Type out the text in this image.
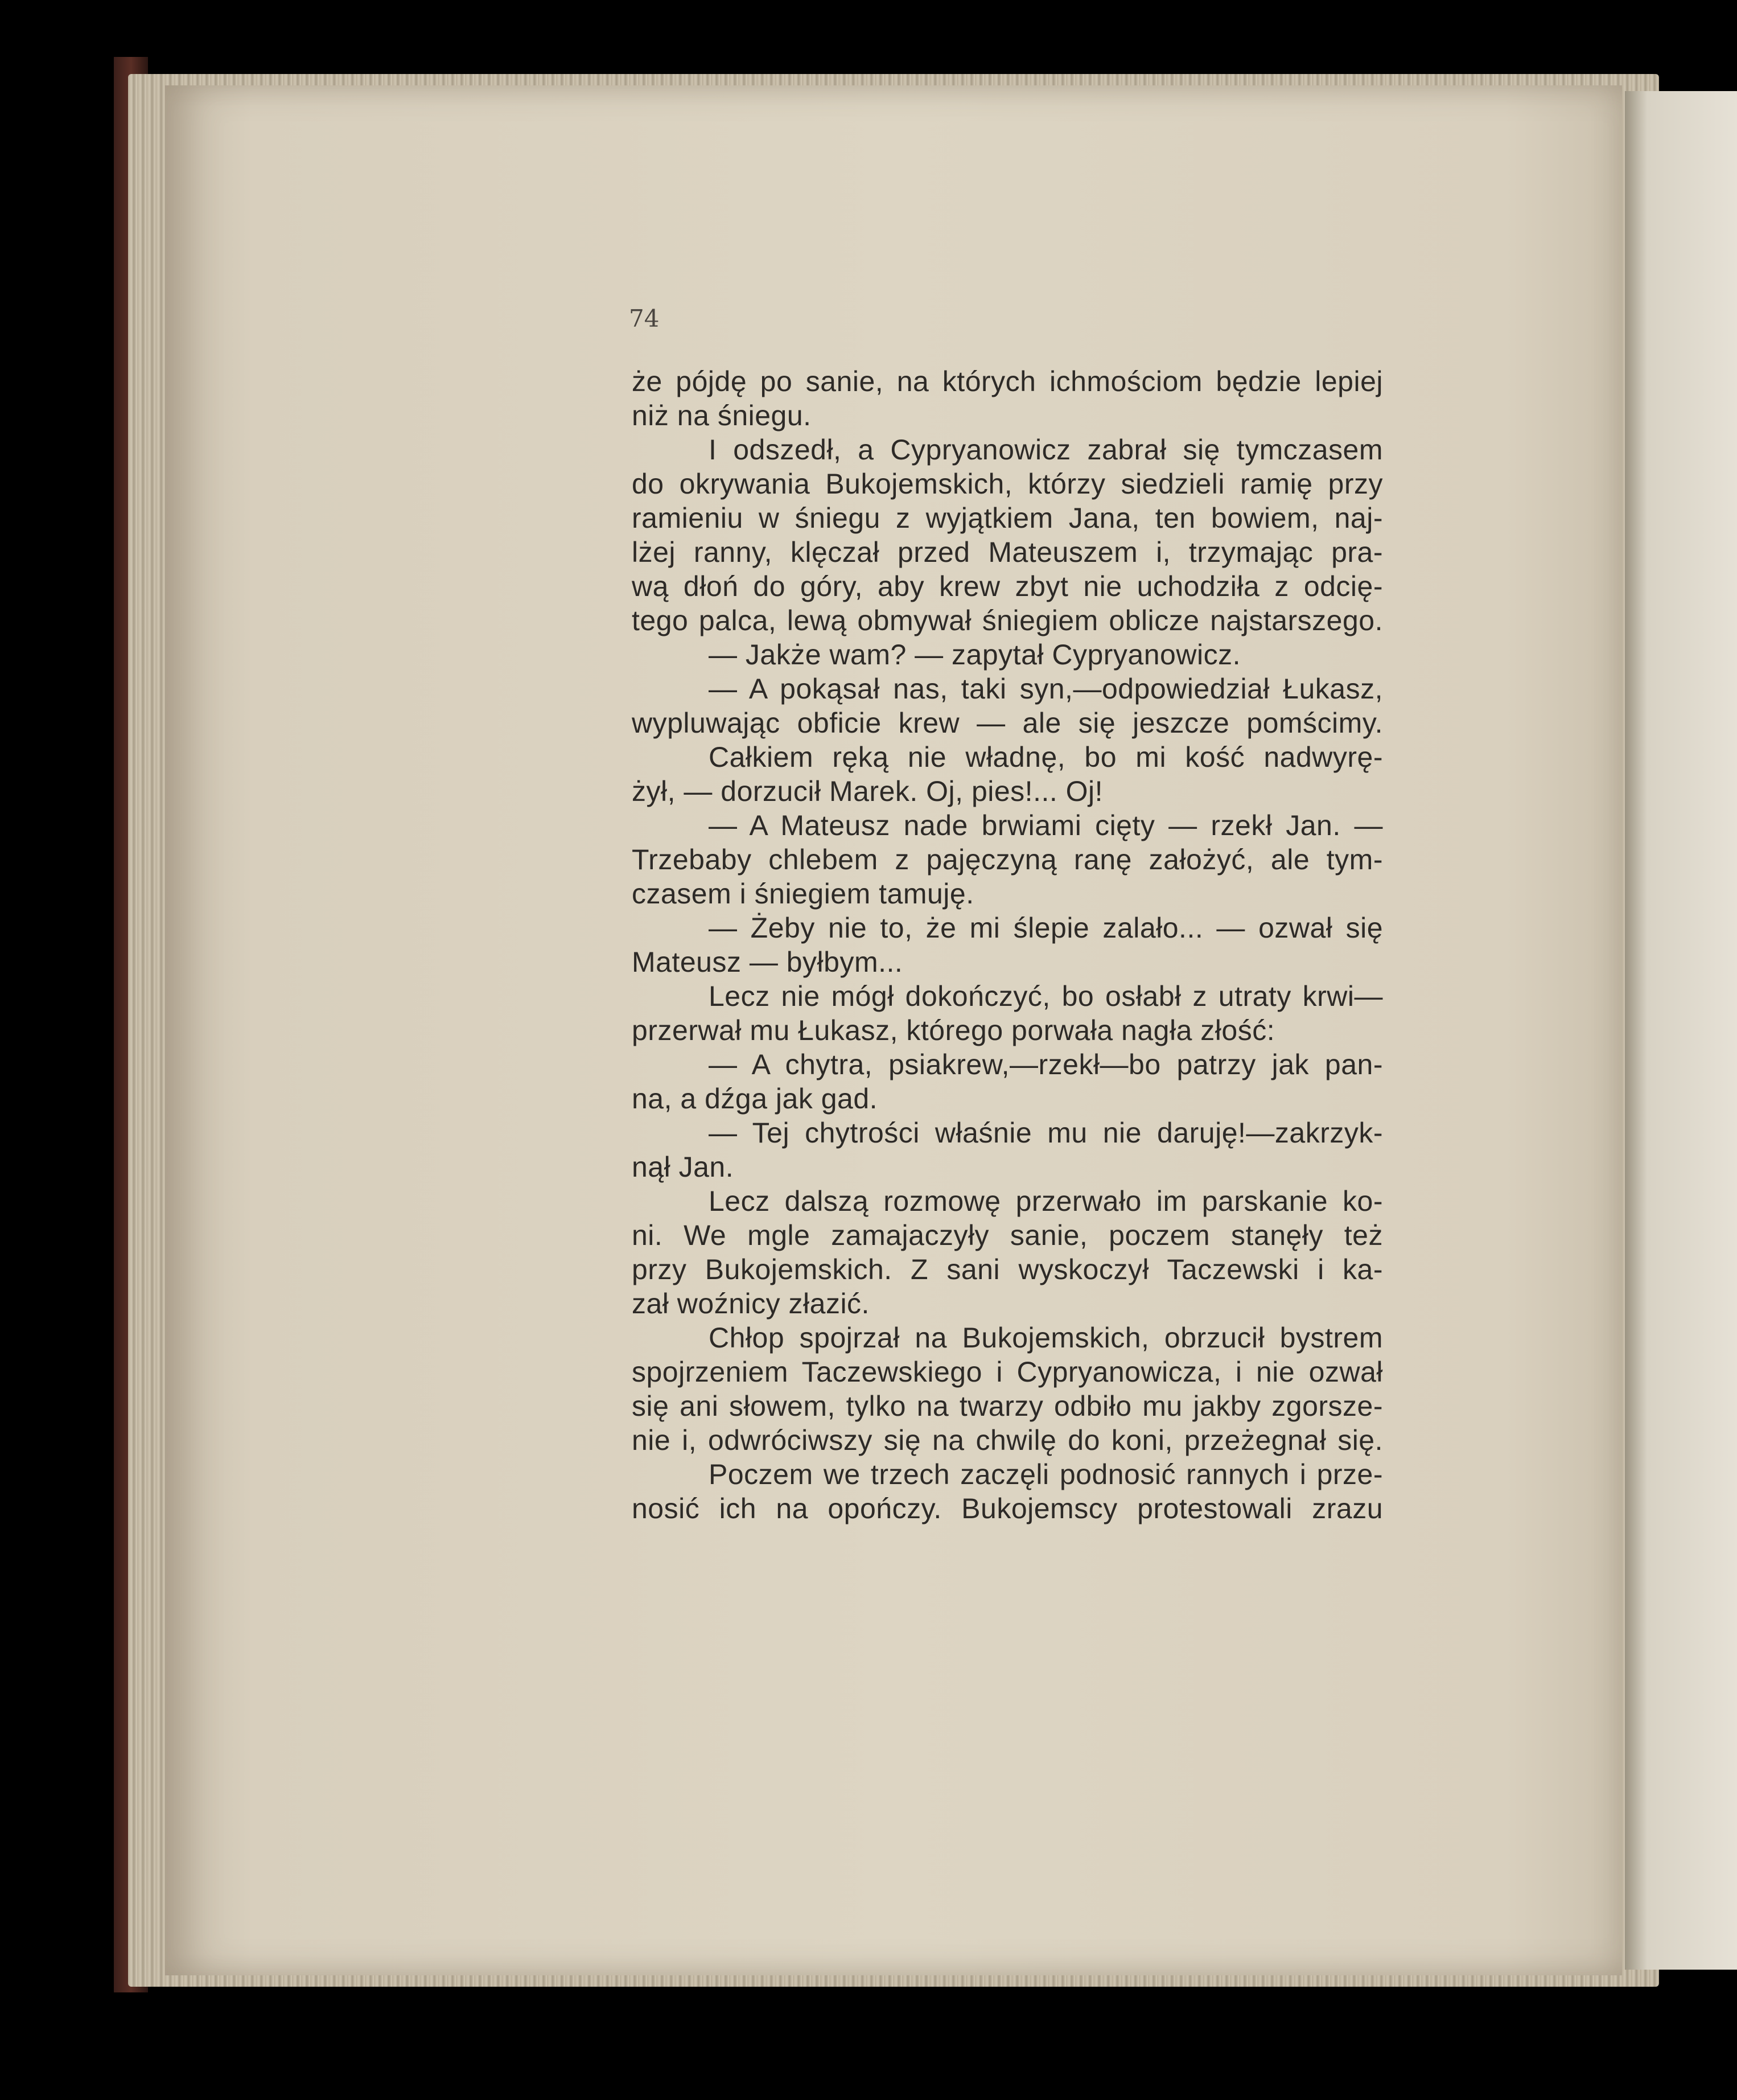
74
że pójdę po sanie, na których ichmościom będzie lepiej
niż na śniegu.
I odszedł, a Cypryanowicz zabrał się tymczasem
do okrywania Bukojemskich, którzy siedzieli ramię przy
ramieniu w śniegu z wyjątkiem Jana, ten bowiem, naj-
lżej ranny, klęczał przed Mateuszem i, trzymając pra-
wą dłoń do góry, aby krew zbyt nie uchodziła z odcię-
tego palca, lewą obmywał śniegiem oblicze najstarszego.
— Jakże wam? — zapytał Cypryanowicz.
— A pokąsał nas, taki syn,—odpowiedział Łukasz,
wypluwając obficie krew — ale się jeszcze pomścimy.
Całkiem ręką nie władnę, bo mi kość nadwyrę-
żył, — dorzucił Marek. Oj, pies!... Oj!
— A Mateusz nade brwiami cięty — rzekł Jan. —
Trzebaby chlebem z pajęczyną ranę założyć, ale tym-
czasem i śniegiem tamuję.
— Żeby nie to, że mi ślepie zalało... — ozwał się
Mateusz — byłbym...
Lecz nie mógł dokończyć, bo osłabł z utraty krwi—
przerwał mu Łukasz, którego porwała nagła złość:
— A chytra, psiakrew,—rzekł—bo patrzy jak pan-
na, a dźga jak gad.
— Tej chytrości właśnie mu nie daruję!—zakrzyk-
nął Jan.
Lecz dalszą rozmowę przerwało im parskanie ko-
ni. We mgle zamajaczyły sanie, poczem stanęły też
przy Bukojemskich. Z sani wyskoczył Taczewski i ka-
zał woźnicy złazić.
Chłop spojrzał na Bukojemskich, obrzucił bystrem
spojrzeniem Taczewskiego i Cypryanowicza, i nie ozwał
się ani słowem, tylko na twarzy odbiło mu jakby zgorsze-
nie i, odwróciwszy się na chwilę do koni, przeżegnał się.
Poczem we trzech zaczęli podnosić rannych i prze-
nosić ich na opończy. Bukojemscy protestowali zrazu
